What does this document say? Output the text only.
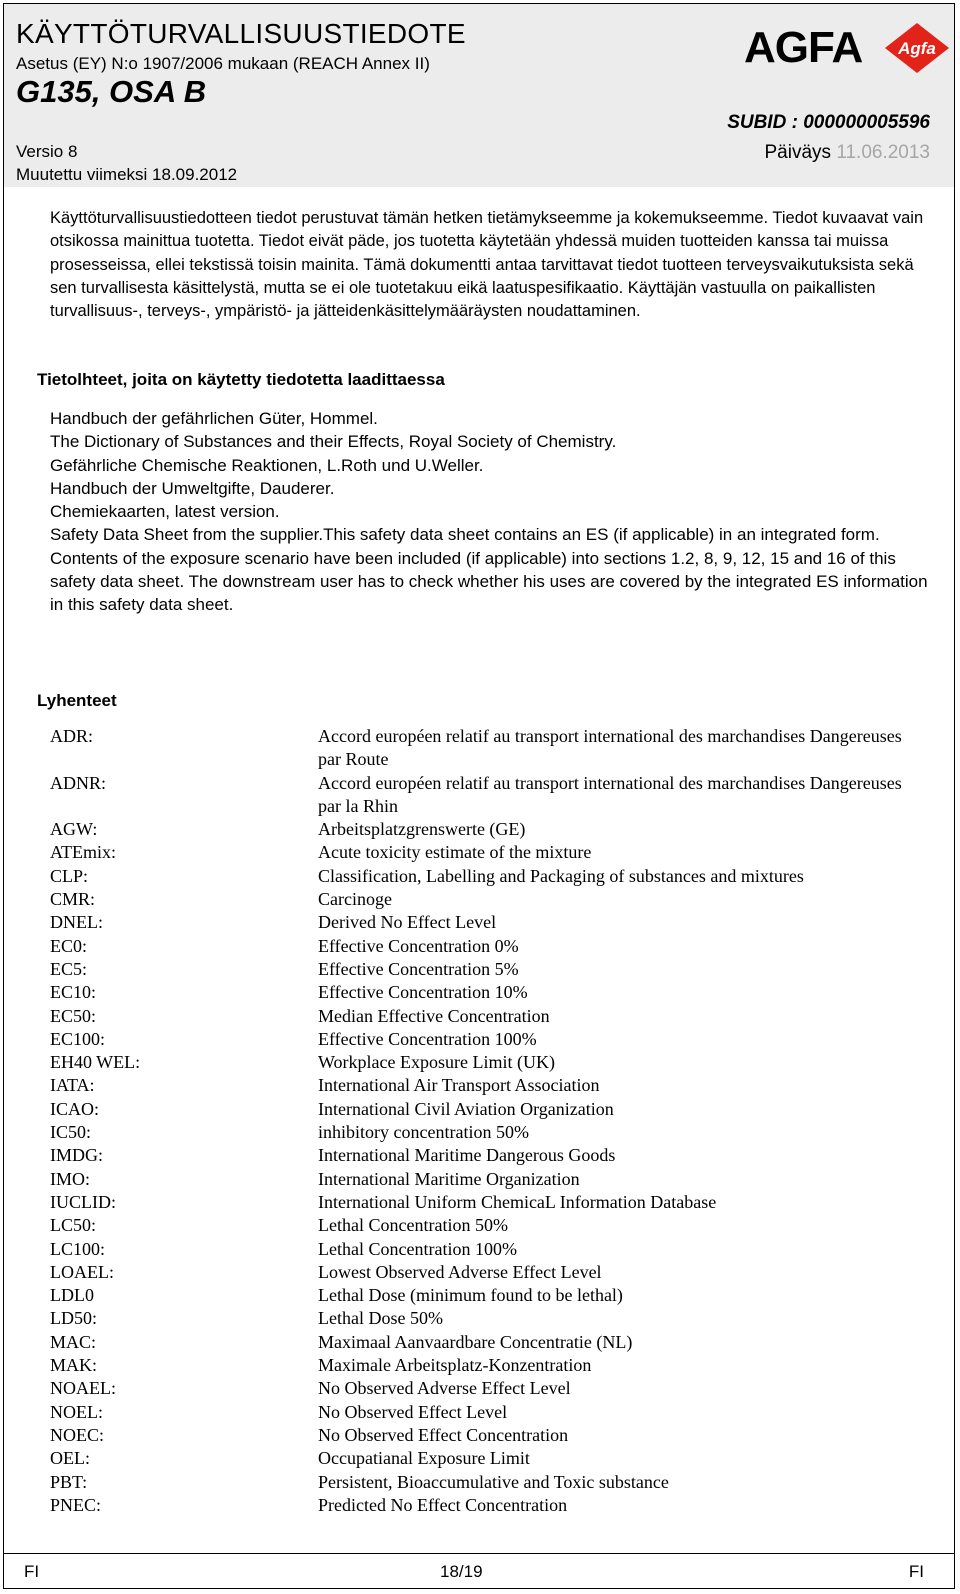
KÄYTTÖTURVALLISUUSTIEDOTE
Asetus (EY) N:o 1907/2006 mukaan (REACH Annex II)
G135, OSA B
SUBID : 000000005596
Versio 8
Muutettu viimeksi 18.09.2012
Päiväys 11.06.2013
AGFA Agfa
Käyttöturvallisuustiedotteen tiedot perustuvat tämän hetken tietämykseemme ja kokemukseemme. Tiedot kuvaavat vain otsikossa mainittua tuotetta. Tiedot eivät päde, jos tuotetta käytetään yhdessä muiden tuotteiden kanssa tai muissa prosesseissa, ellei tekstissä toisin mainita. Tämä dokumentti antaa tarvittavat tiedot tuotteen terveysvaikutuksista sekä sen turvallisesta käsittelystä, mutta se ei ole tuotetakuu eikä laatuspesifikaatio. Käyttäjän vastuulla on paikallisten turvallisuus-, terveys-, ympäristö- ja jätteidenkäsittelymääräysten noudattaminen.
Tietolhteet, joita on käytetty tiedotetta laadittaessa
Handbuch der gefährlichen Güter, Hommel.
The Dictionary of Substances and their Effects, Royal Society of Chemistry.
Gefährliche Chemische Reaktionen, L.Roth und U.Weller.
Handbuch der Umweltgifte, Dauderer.
Chemiekaarten, latest version.
Safety Data Sheet from the supplier.This safety data sheet contains an ES (if applicable) in an integrated form.
Contents of the exposure scenario have been included (if applicable) into sections 1.2, 8, 9, 12, 15 and 16 of this safety data sheet. The downstream user has to check whether his uses are covered by the integrated ES information in this safety data sheet.
Lyhenteet
ADR:	Accord européen relatif au transport international des marchandises Dangereuses par Route
ADNR:	Accord européen relatif au transport international des marchandises Dangereuses par la Rhin
AGW:	Arbeitsplatzgrenswerte (GE)
ATEmix:	Acute toxicity estimate of the mixture
CLP:	Classification, Labelling and Packaging of substances and mixtures
CMR:	Carcinoge
DNEL:	Derived No Effect Level
EC0:	Effective Concentration 0%
EC5:	Effective Concentration 5%
EC10:	Effective Concentration 10%
EC50:	Median Effective Concentration
EC100:	Effective Concentration 100%
EH40 WEL:	Workplace Exposure Limit (UK)
IATA:	International Air Transport Association
ICAO:	International Civil Aviation Organization
IC50:	inhibitory concentration 50%
IMDG:	International Maritime Dangerous Goods
IMO:	International Maritime Organization
IUCLID:	International Uniform ChemicaL Information Database
LC50:	Lethal Concentration 50%
LC100:	Lethal Concentration 100%
LOAEL:	Lowest Observed Adverse Effect Level
LDL0	Lethal Dose (minimum found to be lethal)
LD50:	Lethal Dose 50%
MAC:	Maximaal Aanvaardbare Concentratie (NL)
MAK:	Maximale Arbeitsplatz-Konzentration
NOAEL:	No Observed Adverse Effect Level
NOEL:	No Observed Effect Level
NOEC:	No Observed Effect Concentration
OEL:	Occupatianal Exposure Limit
PBT:	Persistent, Bioaccumulative and Toxic substance
PNEC:	Predicted No Effect Concentration
FI	18/19	FI
